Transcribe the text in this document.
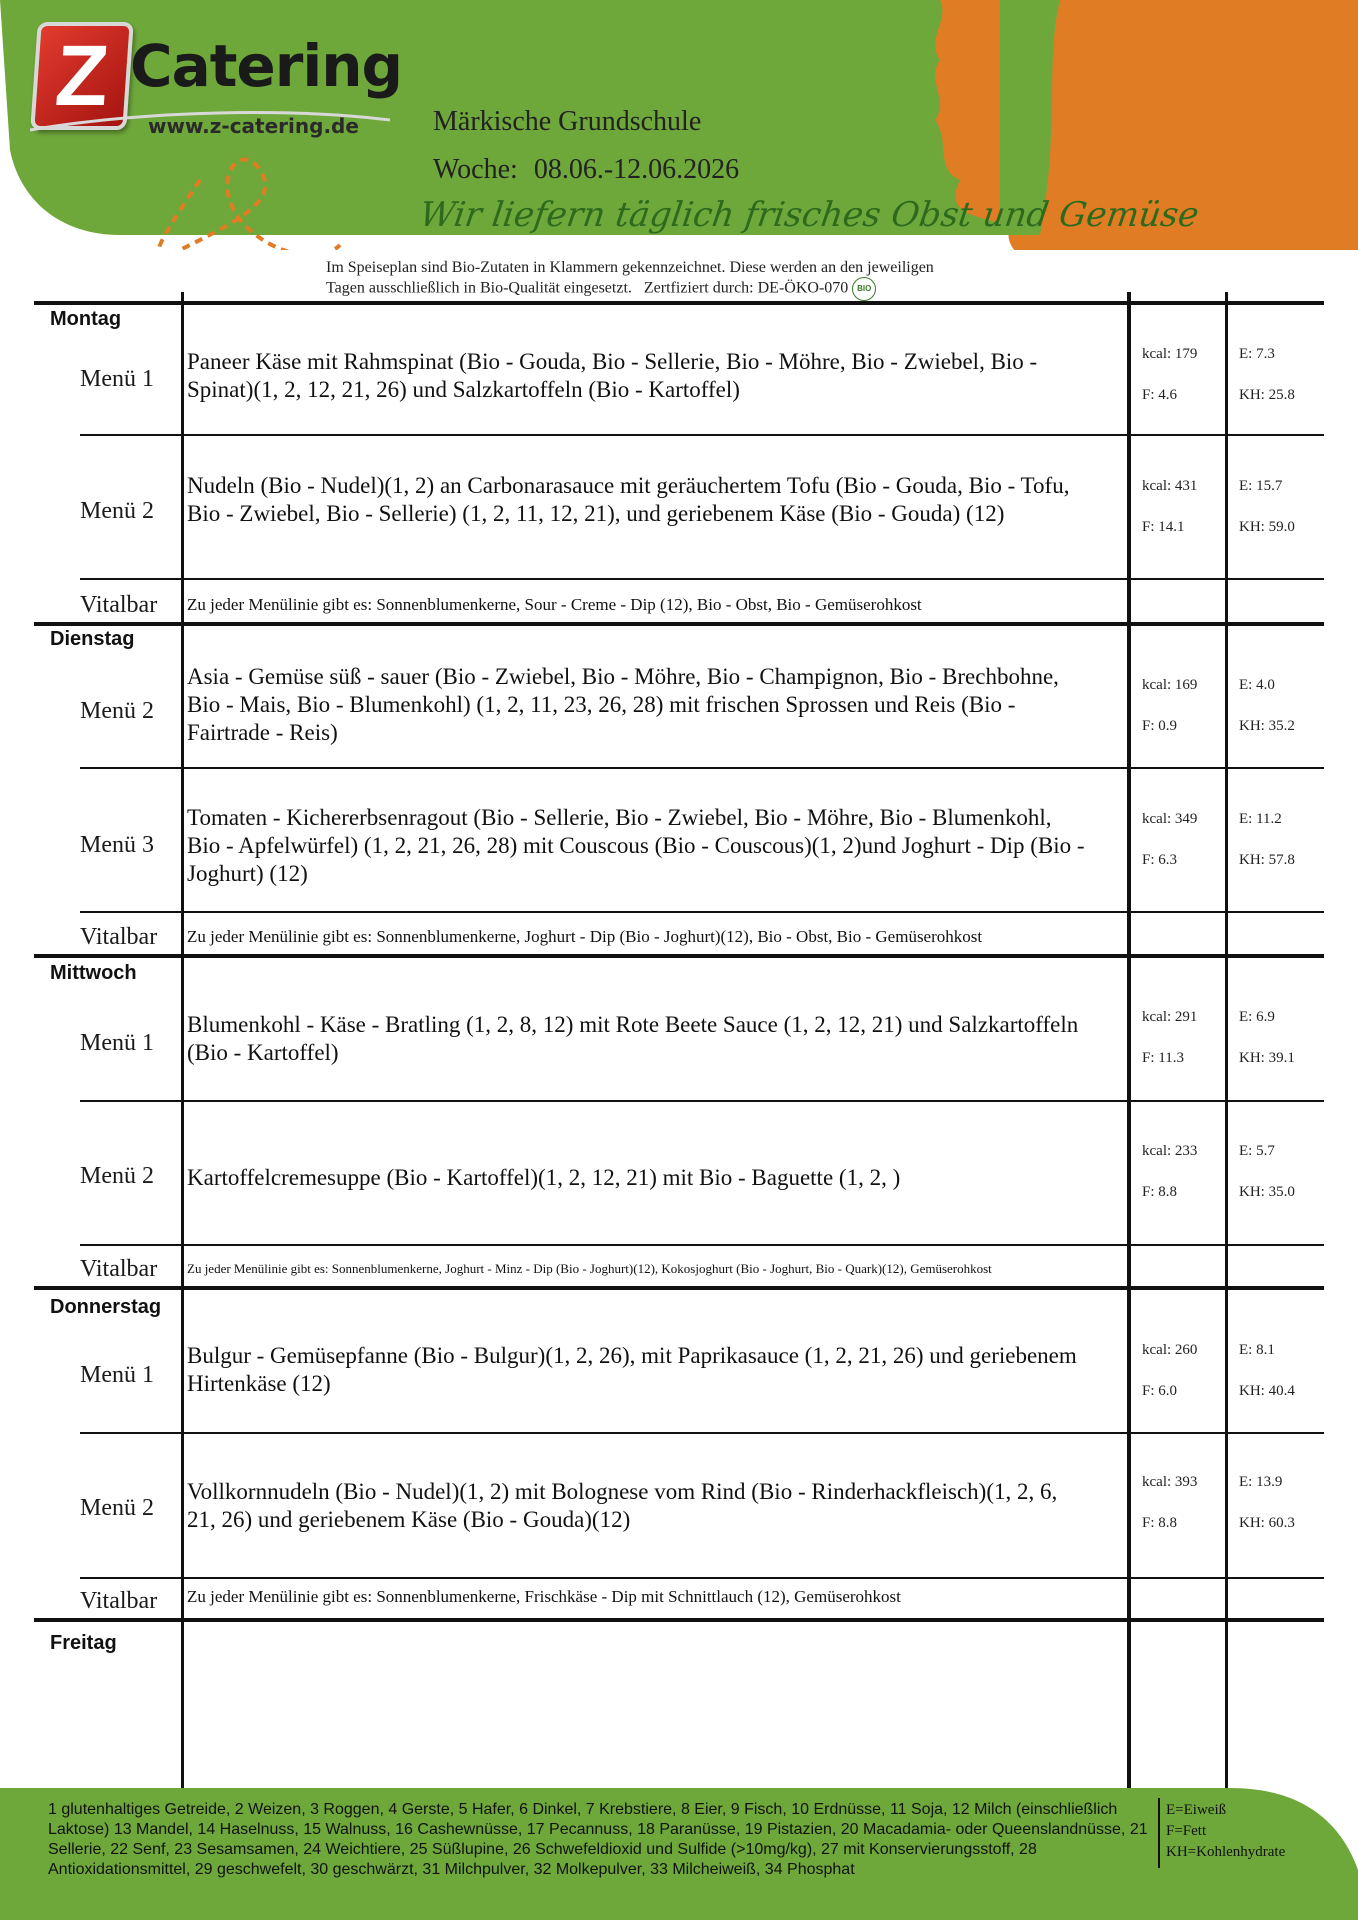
Z Catering
www.z-catering.de	Märkische Grundschule
Woche: 08.06.-12.06.2026
Wir liefern täglich frisches Obst und Gemüse
Im Speiseplan sind Bio-Zutaten in Klammern gekennzeichnet. Diese werden an den jeweiligen
Tagen ausschließlich in Bio-Qualität eingesetzt. Zertfiziert durch: DE-ÖKO-070 BIO
Montag
Menü 1
Paneer Käse mit Rahmspinat (Bio - Gouda, Bio - Sellerie, Bio - Möhre, Bio - Zwiebel, Bio - Spinat)(1, 2, 12, 21, 26) und Salzkartoffeln (Bio - Kartoffel)
kcal: 179
F: 4.6
E: 7.3
KH: 25.8
Menü 2
Nudeln (Bio - Nudel)(1, 2) an Carbonarasauce mit geräuchertem Tofu (Bio - Gouda, Bio - Tofu, Bio - Zwiebel, Bio - Sellerie) (1, 2, 11, 12, 21), und geriebenem Käse (Bio - Gouda) (12)
kcal: 431
F: 14.1
E: 15.7
KH: 59.0
Vitalbar	Zu jeder Menülinie gibt es: Sonnenblumenkerne, Sour - Creme - Dip (12), Bio - Obst, Bio - Gemüserohkost
Dienstag
Menü 2
Asia - Gemüse süß - sauer (Bio - Zwiebel, Bio - Möhre, Bio - Champignon, Bio - Brechbohne, Bio - Mais, Bio - Blumenkohl) (1, 2, 11, 23, 26, 28) mit frischen Sprossen und Reis (Bio - Fairtrade - Reis)
kcal: 169
F: 0.9
E: 4.0
KH: 35.2
Menü 3
Tomaten - Kichererbsenragout (Bio - Sellerie, Bio - Zwiebel, Bio - Möhre, Bio - Blumenkohl, Bio - Apfelwürfel) (1, 2, 21, 26, 28) mit Couscous (Bio - Couscous)(1, 2)und Joghurt - Dip (Bio - Joghurt) (12)
kcal: 349
F: 6.3
E: 11.2
KH: 57.8
Vitalbar	Zu jeder Menülinie gibt es: Sonnenblumenkerne, Joghurt - Dip (Bio - Joghurt)(12), Bio - Obst, Bio - Gemüserohkost
Mittwoch
Menü 1
Blumenkohl - Käse - Bratling (1, 2, 8, 12) mit Rote Beete Sauce (1, 2, 12, 21) und Salzkartoffeln (Bio - Kartoffel)
kcal: 291
F: 11.3
E: 6.9
KH: 39.1
Menü 2	Kartoffelcremesuppe (Bio - Kartoffel)(1, 2, 12, 21) mit Bio - Baguette (1, 2, )
kcal: 233
F: 8.8
E: 5.7
KH: 35.0
Vitalbar	Zu jeder Menülinie gibt es: Sonnenblumenkerne, Joghurt - Minz - Dip (Bio - Joghurt)(12), Kokosjoghurt (Bio - Joghurt, Bio - Quark)(12), Gemüserohkost
Donnerstag
Menü 1
Bulgur - Gemüsepfanne (Bio - Bulgur)(1, 2, 26), mit Paprikasauce (1, 2, 21, 26) und geriebenem Hirtenkäse (12)
kcal: 260
F: 6.0
E: 8.1
KH: 40.4
Menü 2
Vollkornnudeln (Bio - Nudel)(1, 2) mit Bolognese vom Rind (Bio - Rinderhackfleisch)(1, 2, 6, 21, 26) und geriebenem Käse (Bio - Gouda)(12)
kcal: 393
F: 8.8
E: 13.9
KH: 60.3
Vitalbar	Zu jeder Menülinie gibt es: Sonnenblumenkerne, Frischkäse - Dip mit Schnittlauch (12), Gemüserohkost
Freitag
1 glutenhaltiges Getreide, 2 Weizen, 3 Roggen, 4 Gerste, 5 Hafer, 6 Dinkel, 7 Krebstiere, 8 Eier, 9 Fisch, 10 Erdnüsse, 11 Soja, 12 Milch (einschließlich Laktose) 13 Mandel, 14 Haselnuss, 15 Walnuss, 16 Cashewnüsse, 17 Pecannuss, 18 Paranüsse, 19 Pistazien, 20 Macadamia- oder Queenslandnüsse, 21 Sellerie, 22 Senf, 23 Sesamsamen, 24 Weichtiere, 25 Süßlupine, 26 Schwefeldioxid und Sulfide (>10mg/kg), 27 mit Konservierungsstoff, 28 Antioxidationsmittel, 29 geschwefelt, 30 geschwärzt, 31 Milchpulver, 32 Molkepulver, 33 Milcheiweiß, 34 Phosphat
E=Eiweiß
F=Fett
KH=Kohlenhydrate
